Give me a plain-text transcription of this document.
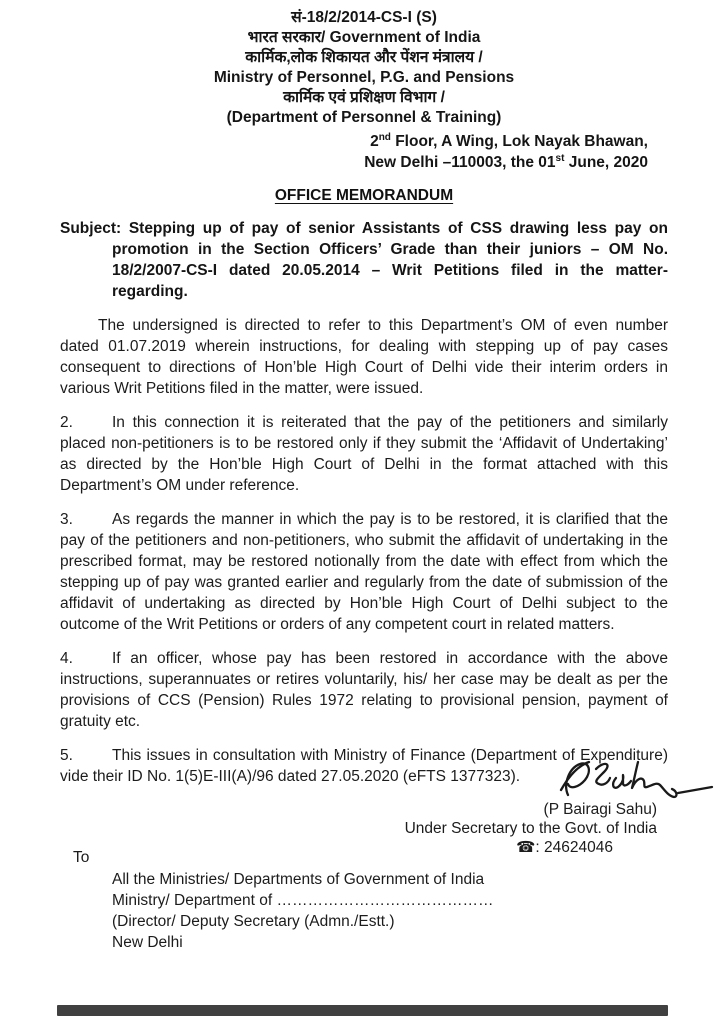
सं-18/2/2014-CS-I (S)
भारत सरकार/ Government of India
कार्मिक,लोक शिकायत और पेंशन मंत्रालय /
Ministry of Personnel, P.G. and Pensions
कार्मिक एवं प्रशिक्षण विभाग /
(Department of Personnel & Training)
2nd Floor, A Wing, Lok Nayak Bhawan,
New Delhi –110003, the 01st June, 2020
OFFICE MEMORANDUM
Subject: Stepping up of pay of senior Assistants of CSS drawing less pay on promotion in the Section Officers’ Grade than their juniors – OM No. 18/2/2007-CS-I dated 20.05.2014 – Writ Petitions filed in the matter- regarding.
The undersigned is directed to refer to this Department’s OM of even number dated 01.07.2019 wherein instructions, for dealing with stepping up of pay cases consequent to directions of Hon’ble High Court of Delhi vide their interim orders in various Writ Petitions filed in the matter, were issued.
2.	In this connection it is reiterated that the pay of the petitioners and similarly placed non-petitioners is to be restored only if they submit the ‘Affidavit of Undertaking’ as directed by the Hon’ble High Court of Delhi in the format attached with this Department’s OM under reference.
3.	As regards the manner in which the pay is to be restored, it is clarified that the pay of the petitioners and non-petitioners, who submit the affidavit of undertaking in the prescribed format, may be restored notionally from the date with effect from which the stepping up of pay was granted earlier and regularly from the date of submission of the affidavit of undertaking as directed by Hon’ble High Court of Delhi subject to the outcome of the Writ Petitions or orders of any competent court in related matters.
4.	If an officer, whose pay has been restored in accordance with the above instructions, superannuates or retires voluntarily, his/ her case may be dealt as per the provisions of CCS (Pension) Rules 1972 relating to provisional pension, payment of gratuity etc.
5.	This issues in consultation with Ministry of Finance (Department of Expenditure) vide their ID No. 1(5)E-III(A)/96 dated 27.05.2020 (eFTS 1377323).
(P Bairagi Sahu)
Under Secretary to the Govt. of India
☎: 24624046
To
All the Ministries/ Departments of Government of India
Ministry/ Department of ……………………………………
(Director/ Deputy Secretary (Admn./Estt.)
New Delhi
